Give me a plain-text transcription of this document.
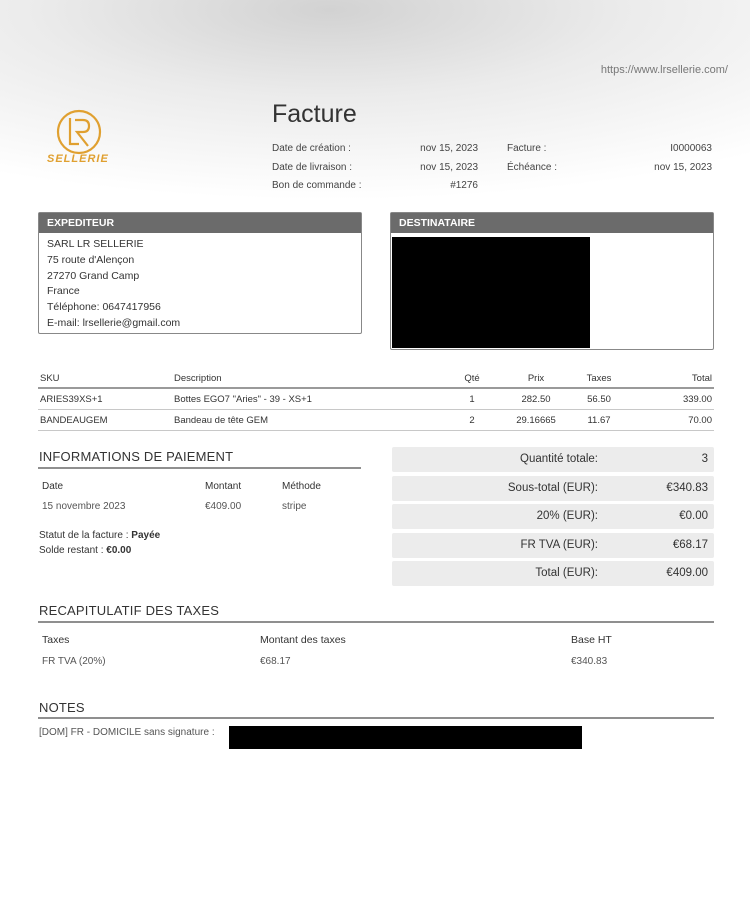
https://www.lrsellerie.com/
SELLERIE
Facture
Date de création :	nov 15, 2023
Date de livraison :	nov 15, 2023
Bon de commande :	#1276
Facture :	I0000063
Échéance :	nov 15, 2023
EXPEDITEUR
SARL LR SELLERIE
75 route d'Alençon
27270 Grand Camp
France
Téléphone: 0647417956
E-mail: lrsellerie@gmail.com
DESTINATAIRE
SKU	Description	Qté	Prix	Taxes	Total
ARIES39XS+1	Bottes EGO7 "Aries" - 39 - XS+1	1	282.50	56.50	339.00
BANDEAUGEM	Bandeau de tête GEM	2	29.16665	11.67	70.00
INFORMATIONS DE PAIEMENT
Date	Montant	Méthode
15 novembre 2023	€409.00	stripe
Statut de la facture : Payée
Solde restant : €0.00
Quantité totale:	3
Sous-total (EUR):	€340.83
20% (EUR):	€0.00
FR TVA (EUR):	€68.17
Total (EUR):	€409.00
RECAPITULATIF DES TAXES
Taxes	Montant des taxes	Base HT
FR TVA (20%)	€68.17	€340.83
NOTES
[DOM] FR - DOMICILE sans signature :
